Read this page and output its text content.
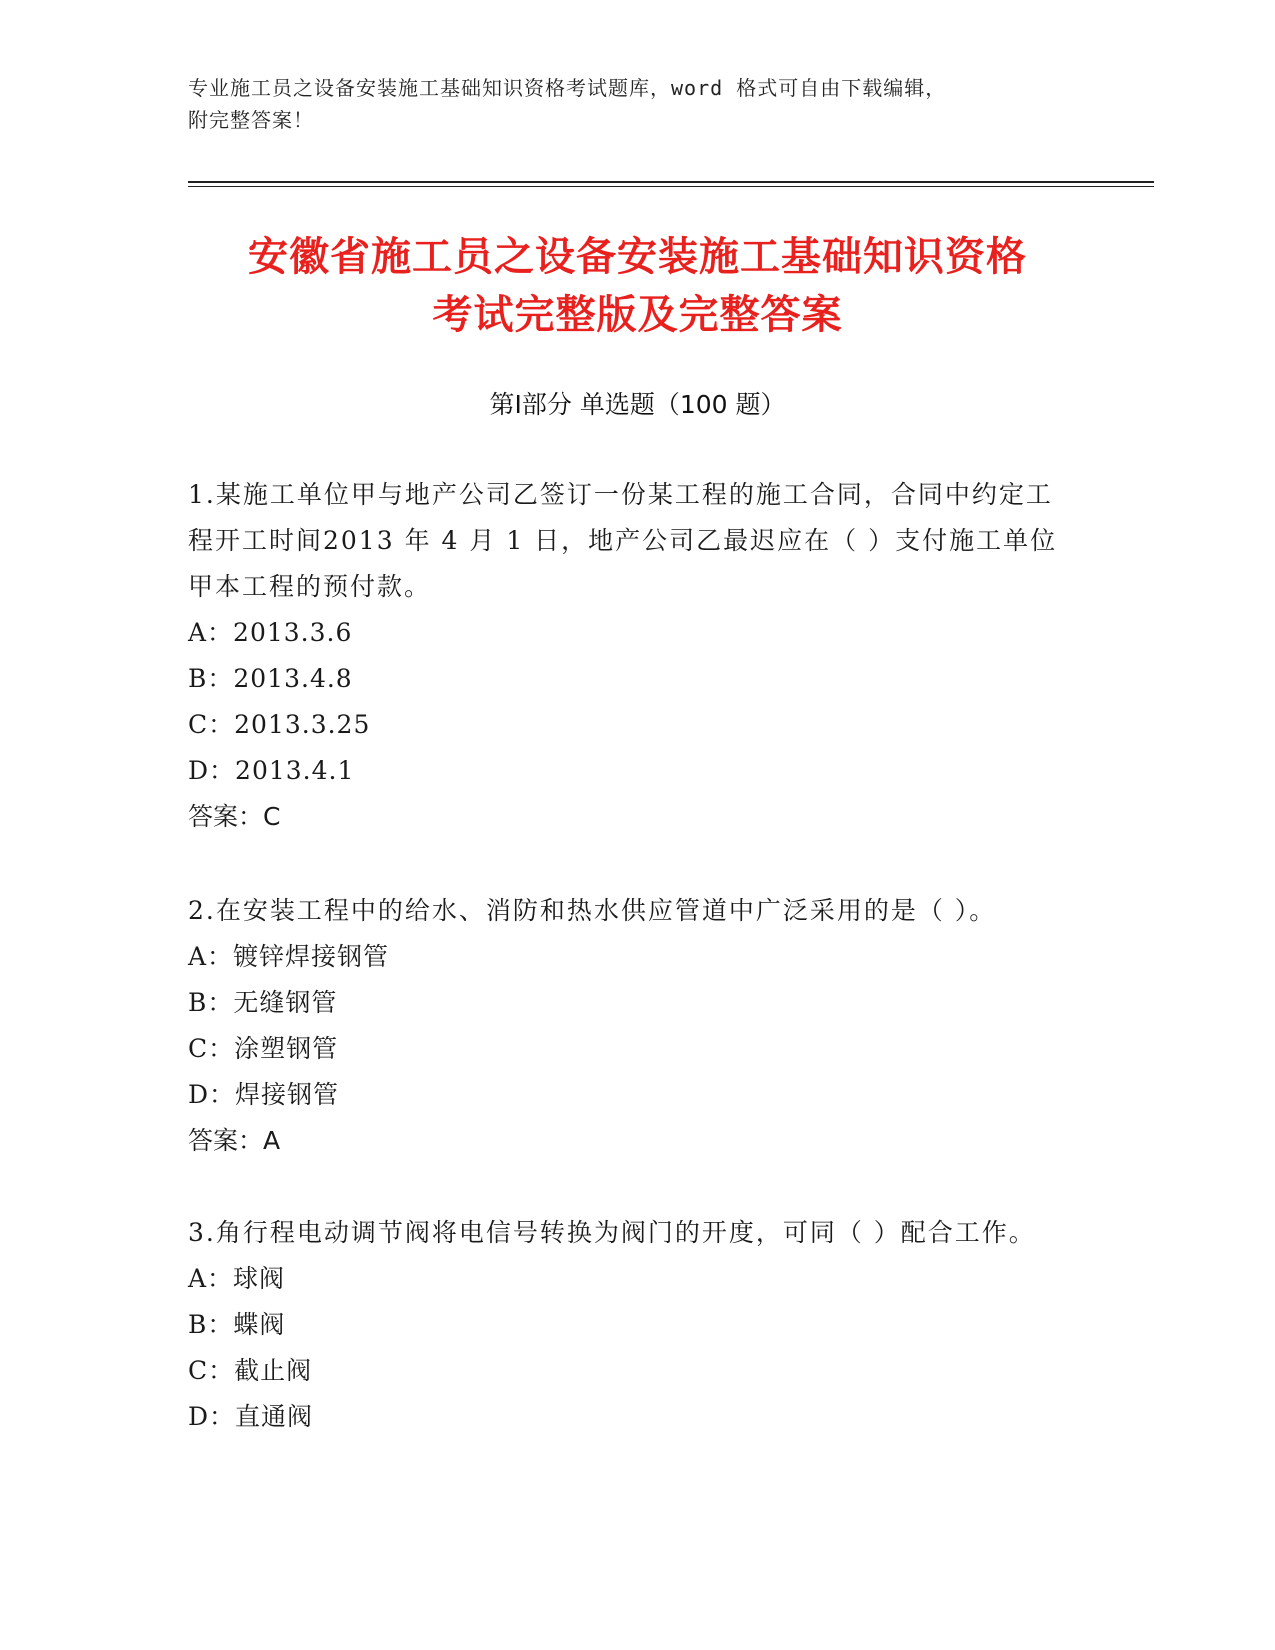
专业施工员之设备安装施工基础知识资格考试题库，word 格式可自由下载编辑，
附完整答案！
安徽省施工员之设备安装施工基础知识资格
考试完整版及完整答案
第Ⅰ部分 单选题（100 题）
1.某施工单位甲与地产公司乙签订一份某工程的施工合同，合同中约定工程开工时间2013 年 4 月 1 日，地产公司乙最迟应在（ ）支付施工单位甲本工程的预付款。
A：2013.3.6
B：2013.4.8
C：2013.3.25
D：2013.4.1
答案：C
2.在安装工程中的给水、消防和热水供应管道中广泛采用的是（ ）。
A：镀锌焊接钢管
B：无缝钢管
C：涂塑钢管
D：焊接钢管
答案：A
3.角行程电动调节阀将电信号转换为阀门的开度，可同（ ）配合工作。
A：球阀
B：蝶阀
C：截止阀
D：直通阀
